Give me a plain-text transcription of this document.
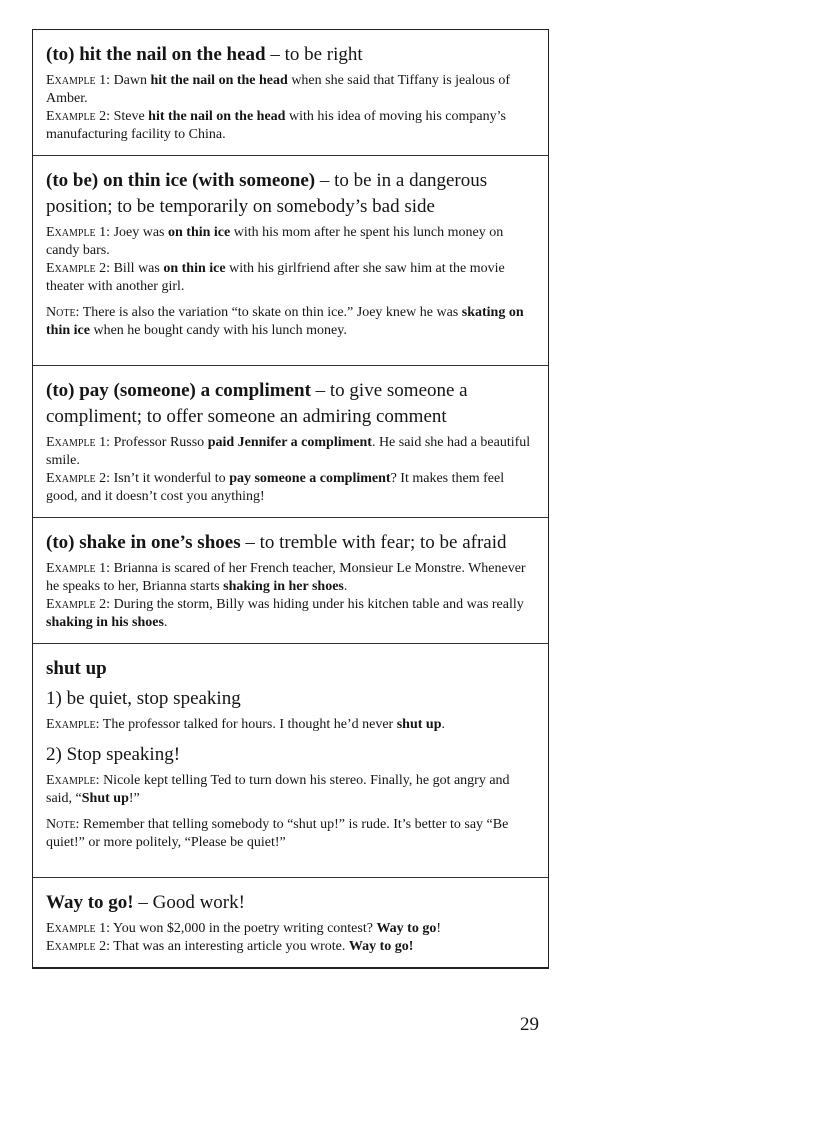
(to) hit the nail on the head – to be right

Example 1: Dawn hit the nail on the head when she said that Tiffany is jealous of Amber.

Example 2: Steve hit the nail on the head with his idea of moving his company’s manufacturing facility to China.

(to be) on thin ice (with someone) – to be in a dangerous position; to be temporarily on somebody’s bad side

Example 1: Joey was on thin ice with his mom after he spent his lunch money on candy bars.

Example 2: Bill was on thin ice with his girlfriend after she saw him at the movie theater with another girl.

Note: There is also the variation “to skate on thin ice.” Joey knew he was skating on thin ice when he bought candy with his lunch money.

(to) pay (someone) a compliment – to give someone a compliment; to offer someone an admiring comment

Example 1: Professor Russo paid Jennifer a compliment. He said she had a beautiful smile.

Example 2: Isn’t it wonderful to pay someone a compliment? It makes them feel good, and it doesn’t cost you anything!

(to) shake in one’s shoes – to tremble with fear; to be afraid

Example 1: Brianna is scared of her French teacher, Monsieur Le Monstre. Whenever he speaks to her, Brianna starts shaking in her shoes.

Example 2: During the storm, Billy was hiding under his kitchen table and was really shaking in his shoes.

shut up
1) be quiet, stop speaking

Example: The professor talked for hours. I thought he’d never shut up.

2) Stop speaking!

Example: Nicole kept telling Ted to turn down his stereo. Finally, he got angry and said, “Shut up!”

Note: Remember that telling somebody to “shut up!” is rude. It’s better to say “Be quiet!” or more politely, “Please be quiet!”

Way to go! – Good work!

Example 1: You won $2,000 in the poetry writing contest? Way to go!

Example 2: That was an interesting article you wrote. Way to go!

29
